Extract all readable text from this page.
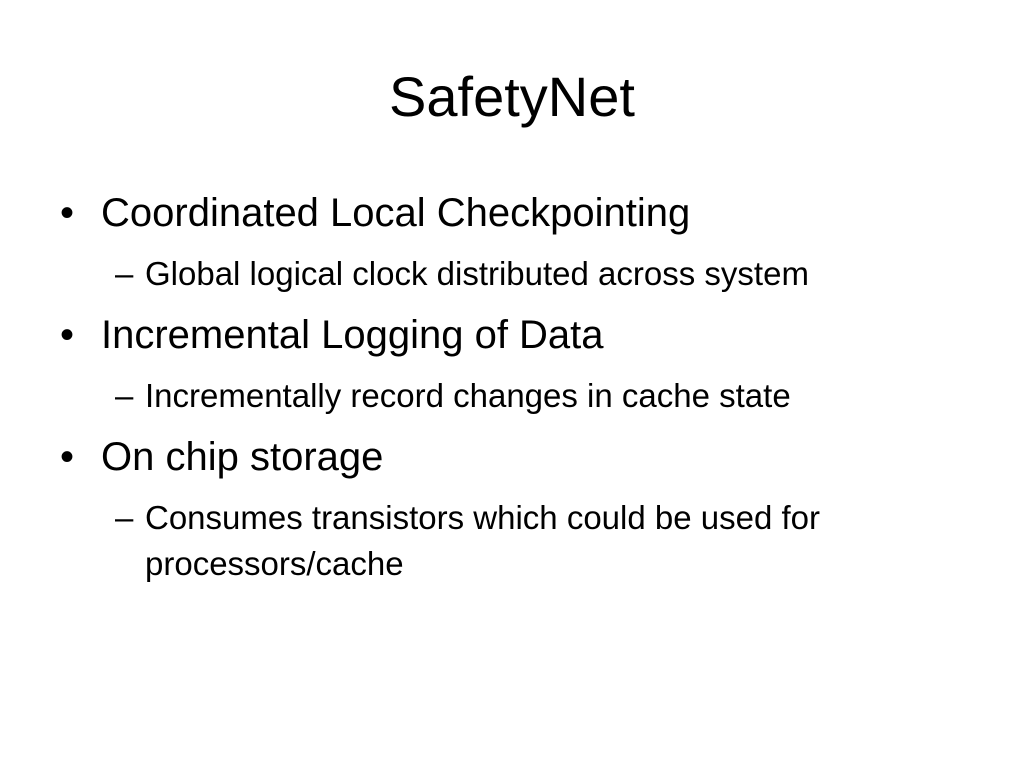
SafetyNet
• Coordinated Local Checkpointing
– Global logical clock distributed across system
• Incremental Logging of Data
– Incrementally record changes in cache state
• On chip storage
– Consumes transistors which could be used for processors/cache
